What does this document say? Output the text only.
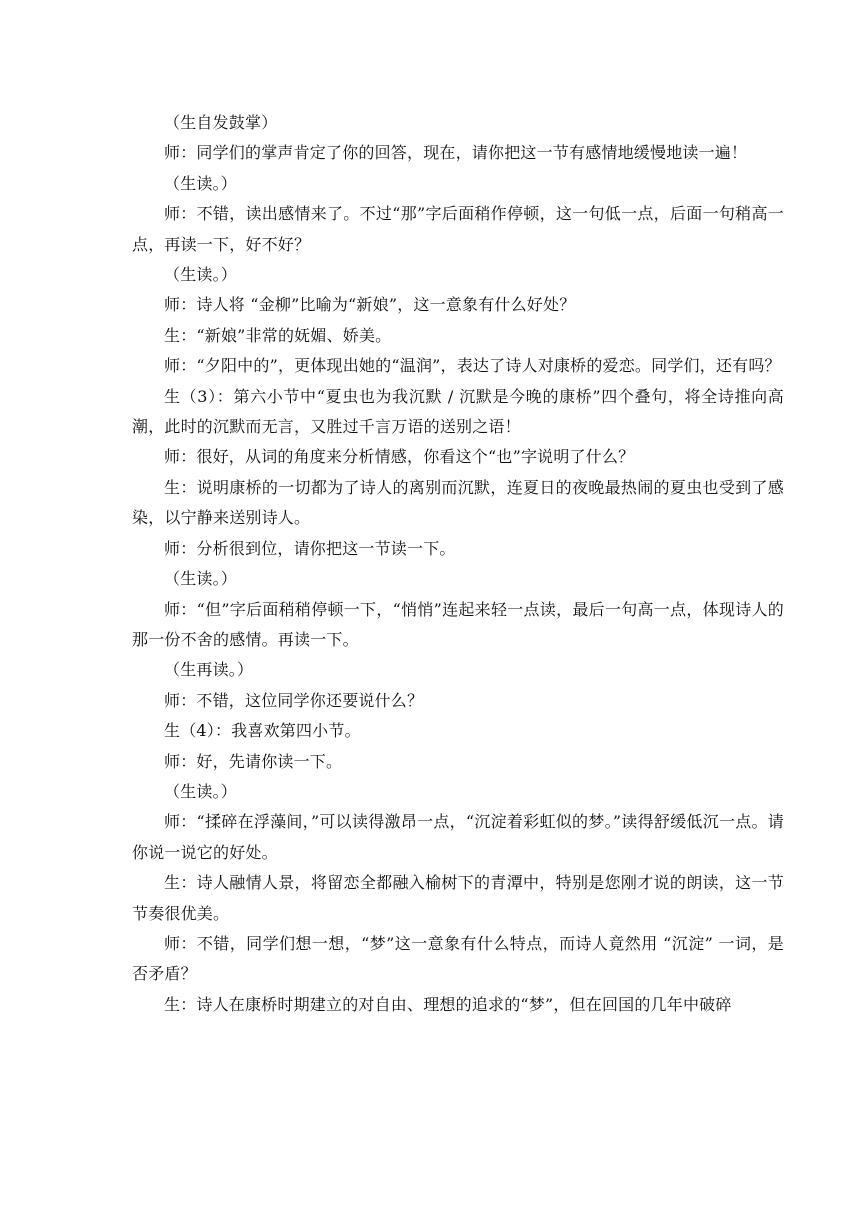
（生自发鼓掌）

师：同学们的掌声肯定了你的回答，现在，请你把这一节有感情地缓慢地读一遍！

（生读。）

师：不错，读出感情来了。不过“那”字后面稍作停顿，这一句低一点，后面一句稍高一点，再读一下，好不好？

（生读。）

师：诗人将 “金柳”比喻为“新娘”，这一意象有什么好处？

生：“新娘”非常的妩媚、娇美。

师：“夕阳中的”，更体现出她的“温润”，表达了诗人对康桥的爱恋。同学们，还有吗？

生（3）：第六小节中“夏虫也为我沉默 / 沉默是今晚的康桥”四个叠句，将全诗推向高潮，此时的沉默而无言，又胜过千言万语的送别之语！

师：很好，从词的角度来分析情感，你看这个“也”字说明了什么？

生：说明康桥的一切都为了诗人的离别而沉默，连夏日的夜晚最热闹的夏虫也受到了感染，以宁静来送别诗人。

师：分析很到位，请你把这一节读一下。

（生读。）

师：“但”字后面稍稍停顿一下，“悄悄”连起来轻一点读，最后一句高一点，体现诗人的那一份不舍的感情。再读一下。

（生再读。）

师：不错，这位同学你还要说什么？

生（4）：我喜欢第四小节。

师：好，先请你读一下。

（生读。）

师：“揉碎在浮藻间，”可以读得激昂一点，“沉淀着彩虹似的梦。”读得舒缓低沉一点。请你说一说它的好处。

生：诗人融情人景，将留恋全都融入榆树下的青潭中，特别是您刚才说的朗读，这一节节奏很优美。

师：不错，同学们想一想，“梦”这一意象有什么特点，而诗人竟然用 “沉淀” 一词，是否矛盾？

生：诗人在康桥时期建立的对自由、理想的追求的“梦”，但在回国的几年中破碎
